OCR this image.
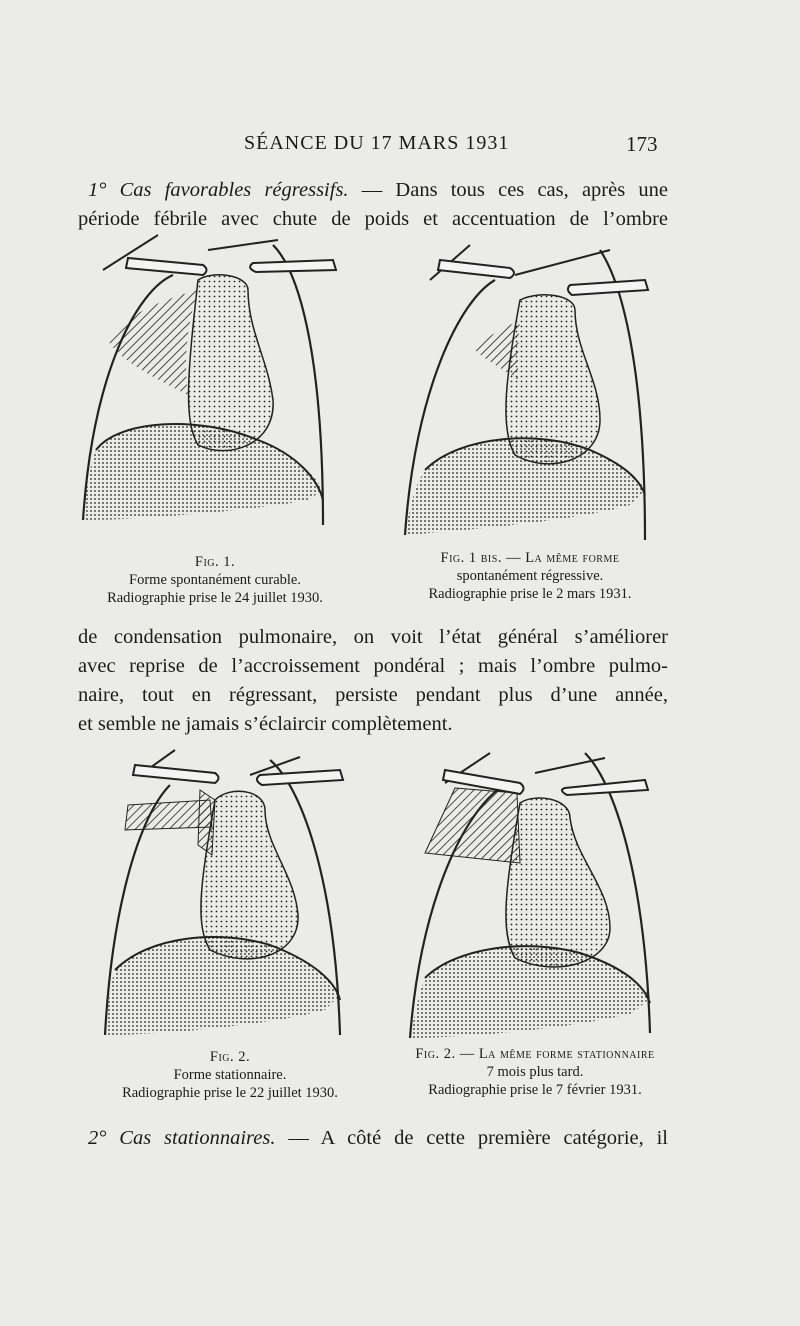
SÉANCE DU 17 MARS 1931	173
1° Cas favorables régressifs. — Dans tous ces cas, après une
période fébrile avec chute de poids et accentuation de l’ombre
Fig. 1.
Forme spontanément curable.
Radiographie prise le 24 juillet 1930.
Fig. 1 bis. — La même forme
spontanément régressive.
Radiographie prise le 2 mars 1931.
de condensation pulmonaire, on voit l’état général s’améliorer
avec reprise de l’accroissement pondéral ; mais l’ombre pulmo-
naire, tout en régressant, persiste pendant plus d’une année,
et semble ne jamais s’éclaircir complètement.
Fig. 2.
Forme stationnaire.
Radiographie prise le 22 juillet 1930.
Fig. 2. — La même forme stationnaire
7 mois plus tard.
Radiographie prise le 7 février 1931.
2° Cas stationnaires. — A côté de cette première catégorie, il
